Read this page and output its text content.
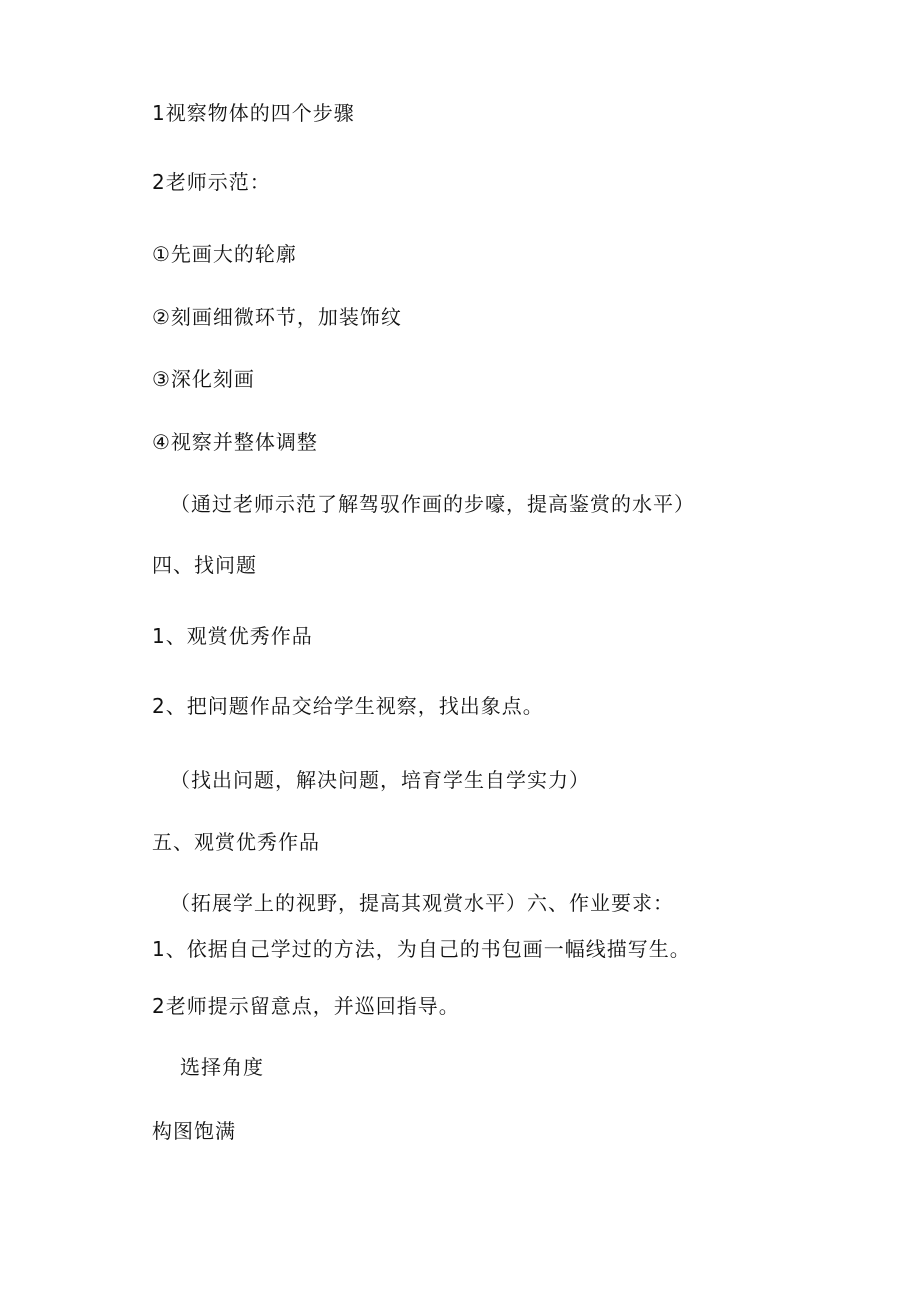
1视察物体的四个步骤
2老师示范：
①先画大的轮廓
②刻画细微环节，加装饰纹
③深化刻画
④视察并整体调整
（通过老师示范了解驾驭作画的步嚎，提高鉴赏的水平）
四、找问题
1、观赏优秀作品
2、把问题作品交给学生视察，找出象点。
（找出问题，解决问题，培育学生自学实力）
五、观赏优秀作品
（拓展学上的视野，提高其观赏水平）六、作业要求：
1、依据自己学过的方法，为自己的书包画一幅线描写生。
2老师提示留意点，并巡回指导。
选择角度
构图饱满
